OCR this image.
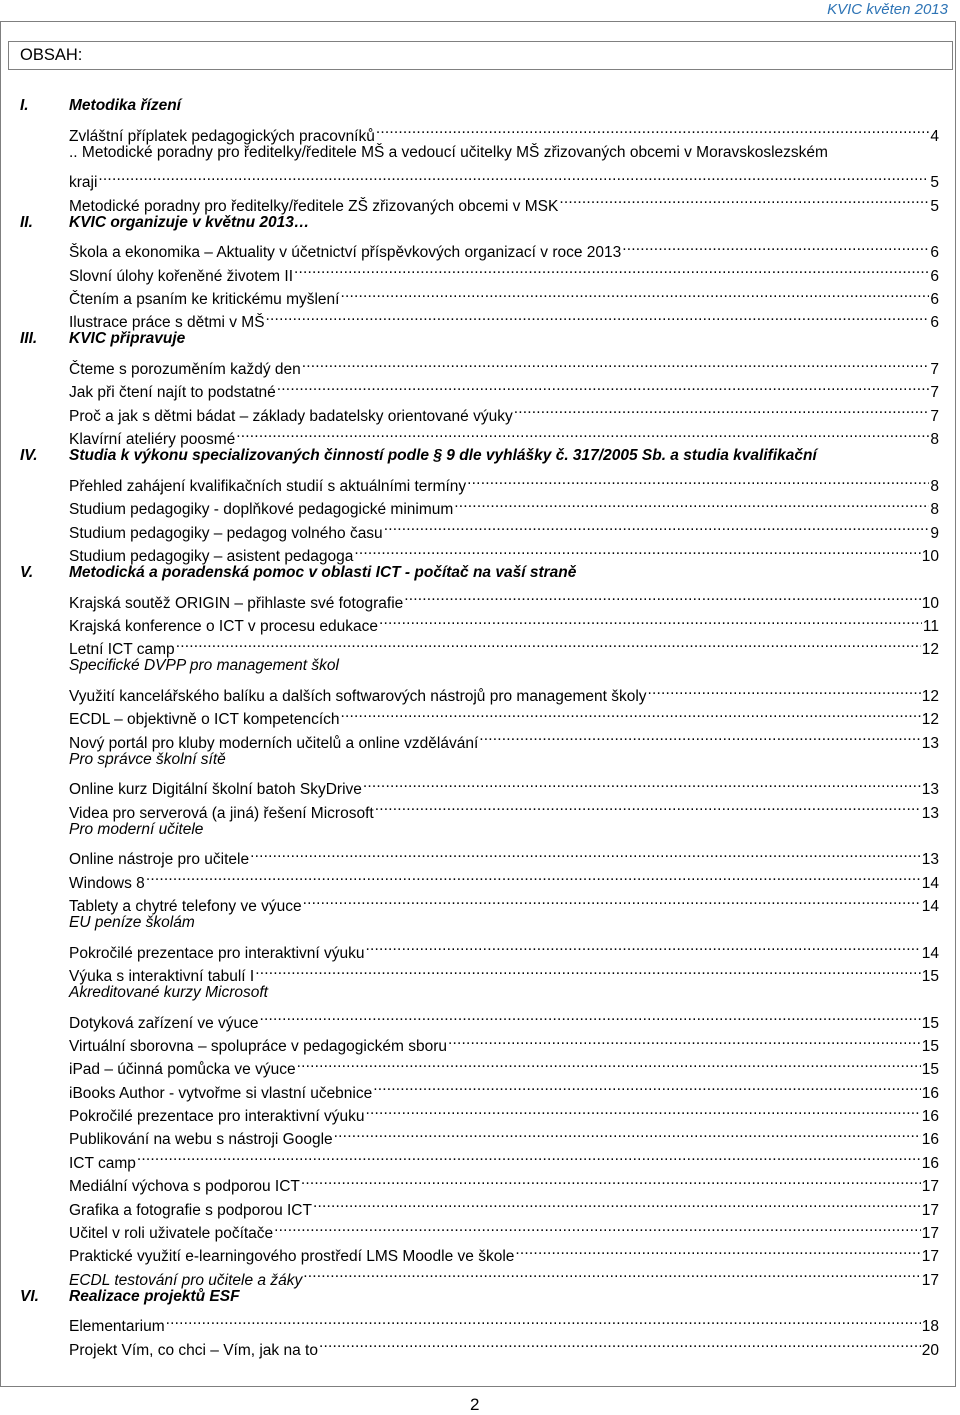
KVIC květen 2013
OBSAH:
I.	Metodika řízení
Zvláštní příplatek pedagogických pracovníků .....	4
.. Metodické poradny pro ředitelky/ředitele MŠ a vedoucí učitelky MŠ zřizovaných obcemi v Moravskoslezském
kraji .....	5
Metodické poradny pro ředitelky/ředitele ZŠ zřizovaných obcemi v MSK .....	5
II. KVIC organizuje v květnu 2013…
Škola a ekonomika – Aktuality v účetnictví příspěvkových organizací v roce 2013 .....	6
Slovní úlohy kořeněné životem II .....	6
Čtením a psaním ke kritickému myšlení .....	6
Ilustrace práce s dětmi v MŠ .....	6
III. KVIC připravuje
Čteme s porozuměním každý den .....	7
Jak při čtení najít to podstatné .....	7
Proč a jak s dětmi bádat – základy badatelsky orientované výuky .....	7
Klavírní ateliéry poosmé .....	8
IV. Studia k výkonu specializovaných činností podle § 9 dle vyhlášky č. 317/2005 Sb. a studia kvalifikační
Přehled zahájení kvalifikačních studií s aktuálními termíny .....	8
Studium pedagogiky - doplňkové pedagogické minimum .....	8
Studium pedagogiky – pedagog volného času .....	9
Studium pedagogiky – asistent pedagoga .....	10
V. Metodická a poradenská pomoc v oblasti ICT - počítač na vaší straně
Krajská soutěž ORIGIN – přihlaste své fotografie .....	10
Krajská konference o ICT v procesu edukace .....	11
Letní ICT camp .....	12
Specifické DVPP pro management škol
Využití kancelářského balíku a dalších softwarových nástrojů pro management školy .....	12
ECDL – objektivně o ICT kompetencích .....	12
Nový portál pro kluby moderních učitelů a online vzdělávání .....	13
Pro správce školní sítě
Online kurz Digitální školní batoh SkyDrive .....	13
Videa pro serverová (a jiná) řešení Microsoft .....	13
Pro moderní učitele
Online nástroje pro učitele .....	13
Windows 8 .....	14
Tablety a chytré telefony ve výuce .....	14
EU peníze školám
Pokročilé prezentace pro interaktivní výuku .....	14
Výuka s interaktivní tabulí I .....	15
Akreditované kurzy Microsoft
Dotyková zařízení ve výuce .....	15
Virtuální sborovna – spolupráce v pedagogickém sboru .....	15
iPad – účinná pomůcka ve výuce .....	15
iBooks Author - vytvořme si vlastní učebnice .....	16
Pokročilé prezentace pro interaktivní výuku .....	16
Publikování na webu s nástroji Google .....	16
ICT camp .....	16
Mediální výchova s podporou ICT .....	17
Grafika a fotografie s podporou ICT .....	17
Učitel v roli uživatele počítače .....	17
Praktické využití e-learningového prostředí LMS Moodle ve škole .....	17
ECDL testování pro učitele a žáky .....	17
VI. Realizace projektů ESF
Elementarium .....	18
Projekt Vím, co chci – Vím, jak na to .....	20
2
